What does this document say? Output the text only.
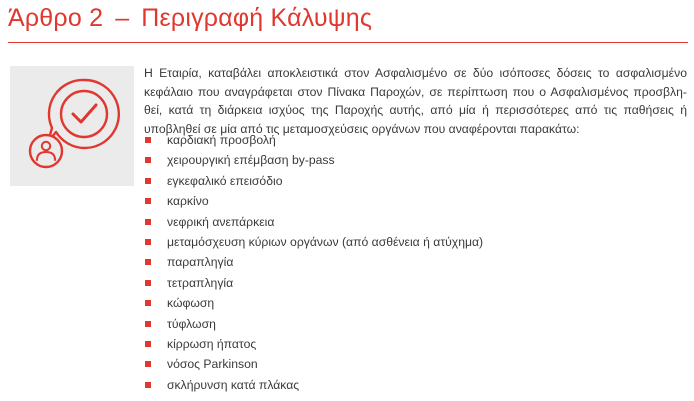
Άρθρο 2 – Περιγραφή Κάλυψης
Η Εταιρία, καταβάλει αποκλειστικά στον Ασφαλισμένο σε δύο ισόποσες δόσεις το ασφαλισμένο κεφάλαιο που αναγράφεται στον Πίνακα Παροχών, σε περίπτωση που ο Ασφαλισμένος προσβλη-θεί, κατά τη διάρκεια ισχύος της Παροχής αυτής, από μία ή περισσότερες από τις παθήσεις ή υποβληθεί σε μία από τις μεταμοσχεύσεις οργάνων που αναφέρονται παρακάτω:
καρδιακή προσβολή
χειρουργική επέμβαση by-pass
εγκεφαλικό επεισόδιο
καρκίνο
νεφρική ανεπάρκεια
μεταμόσχευση κύριων οργάνων (από ασθένεια ή ατύχημα)
παραπληγία
τετραπληγία
κώφωση
τύφλωση
κίρρωση ήπατος
νόσος Parkinson
σκλήρυνση κατά πλάκας
